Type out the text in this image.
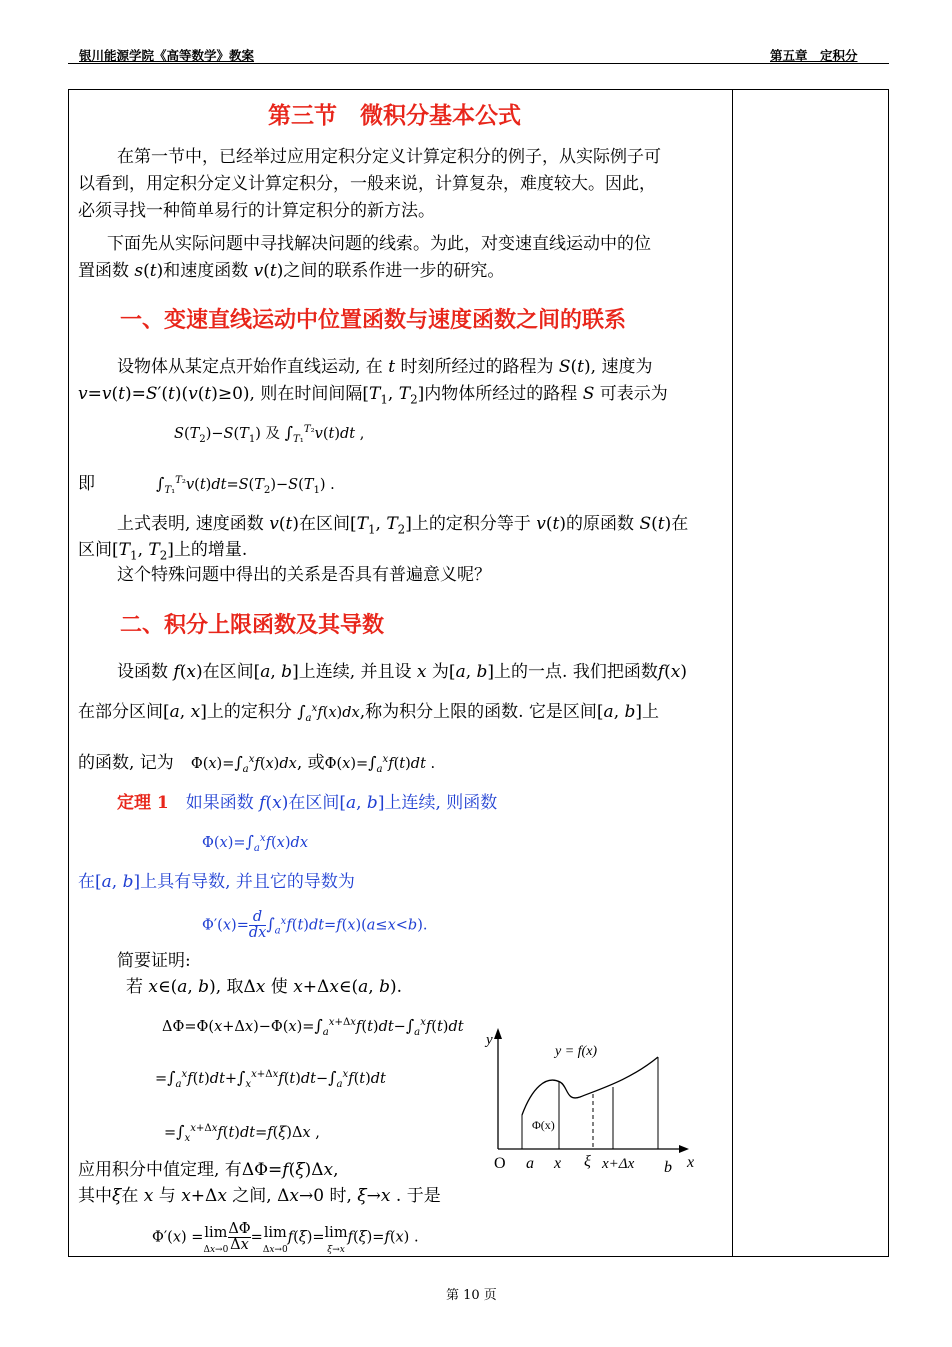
银川能源学院《高等数学》教案	第五章　定积分
第三节　微积分基本公式
在第一节中，已经举过应用定积分定义计算定积分的例子，从实际例子可
以看到，用定积分定义计算定积分，一般来说，计算复杂，难度较大。因此，
必须寻找一种简单易行的计算定积分的新方法。
下面先从实际问题中寻找解决问题的线索。为此，对变速直线运动中的位
置函数 s(t)和速度函数 v(t)之间的联系作进一步的研究。
一、变速直线运动中位置函数与速度函数之间的联系
设物体从某定点开始作直线运动, 在 t 时刻所经过的路程为 S(t), 速度为
v=v(t)=S′(t)(v(t)≥0), 则在时间间隔[$T_1$, $T_2$]内物体所经过的路程 S 可表示为
$S(T_2)-S(T_1)$ 及 $\int_{T_1}^{T_2}v(t)dt$ ,
即	$\int_{T_1}^{T_2}v(t)dt=S(T_2)-S(T_1)$ .
上式表明, 速度函数 v(t)在区间[$T_1$, $T_2$]上的定积分等于 v(t)的原函数 S(t)在
区间[$T_1$, $T_2$]上的增量.
这个特殊问题中得出的关系是否具有普遍意义呢？
二、积分上限函数及其导数
设函数 f(x)在区间[a, b]上连续, 并且设 x 为[a, b]上的一点. 我们把函数f(x)
在部分区间[a, x]上的定积分 $\int_a^xf(x)dx$,称为积分上限的函数. 它是区间[a, b]上
的函数, 记为　 $\Phi(x)=\int_a^xf(x)dx$, 或$\Phi(x)=\int_a^xf(t)dt$ .
定理 1　 如果函数 f(x)在区间[a, b]上连续, 则函数
$\Phi(x)=\int_a^xf(x)dx$
在[a, b]上具有导数, 并且它的导数为
$\Phi'(x)=\frac{d}{dx} \int_a^xf(t)dt=f(x)(a\le x<b)$.
简要证明:
若 x∈(a, b), 取Δx 使 x+Δx∈(a, b).
$\Delta\Phi=\Phi(x+\Delta x)-\Phi(x)=\int_a^{x+\Delta x}f(t)dt-\int_a^xf(t)dt$
$=\int_a^xf(t)dt+\int_x^{x+\Delta x}f(t)dt-\int_a^xf(t)dt$
$=\int_x^{x+\Delta x}f(t)dt=f(\xi)\Delta x$ ,
应用积分中值定理, 有ΔΦ=f(ξ)Δx,
其中ξ在 x 与 x+Δx 之间, Δx→0 时, ξ→x . 于是
Φ′(x) =lim
Δx→0ΔΦ

Δx =lim
Δx→0f(ξ)=lim
ξ→xf(ξ)=f(x) .
y
y = f(x)
Φ(x)
O a x ξ x+Δx b x
第 10 页
